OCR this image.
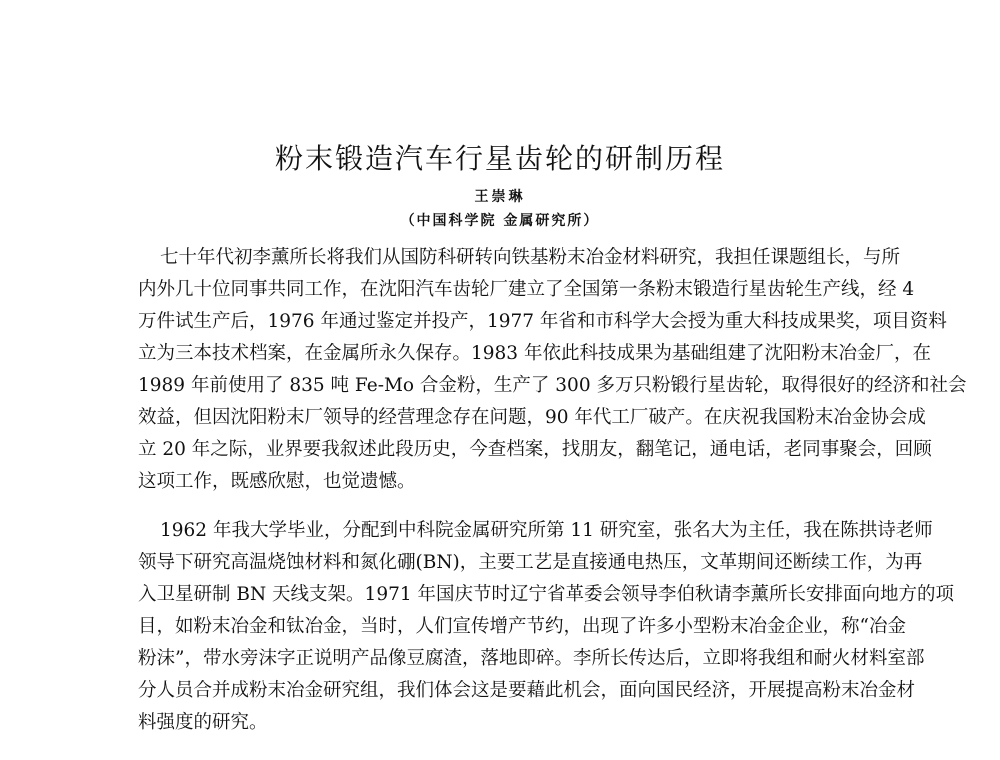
粉末锻造汽车行星齿轮的研制历程
王崇琳
（中国科学院 金属研究所）
七十年代初李薰所长将我们从国防科研转向铁基粉末冶金材料研究，我担任课题组长，与所
内外几十位同事共同工作，在沈阳汽车齿轮厂建立了全国第一条粉末锻造行星齿轮生产线，经 4
万件试生产后，1976 年通过鉴定并投产，1977 年省和市科学大会授为重大科技成果奖，项目资料
立为三本技术档案，在金属所永久保存。1983 年依此科技成果为基础组建了沈阳粉末冶金厂，在
1989 年前使用了 835 吨 Fe-Mo 合金粉，生产了 300 多万只粉锻行星齿轮，取得很好的经济和社会
效益，但因沈阳粉末厂领导的经营理念存在问题，90 年代工厂破产。在庆祝我国粉末冶金协会成
立 20 年之际，业界要我叙述此段历史，今查档案，找朋友，翻笔记，通电话，老同事聚会，回顾
这项工作，既感欣慰，也觉遗憾。
1962 年我大学毕业，分配到中科院金属研究所第 11 研究室，张名大为主任，我在陈拱诗老师
领导下研究高温烧蚀材料和氮化硼(BN)，主要工艺是直接通电热压，文革期间还断续工作，为再
入卫星研制 BN 天线支架。1971 年国庆节时辽宁省革委会领导李伯秋请李薰所长安排面向地方的项
目，如粉末冶金和钛冶金，当时，人们宣传增产节约，出现了许多小型粉末冶金企业，称“冶金
粉沫”，带水旁沫字正说明产品像豆腐渣，落地即碎。李所长传达后，立即将我组和耐火材料室部
分人员合并成粉末冶金研究组，我们体会这是要藉此机会，面向国民经济，开展提高粉末冶金材
料强度的研究。
